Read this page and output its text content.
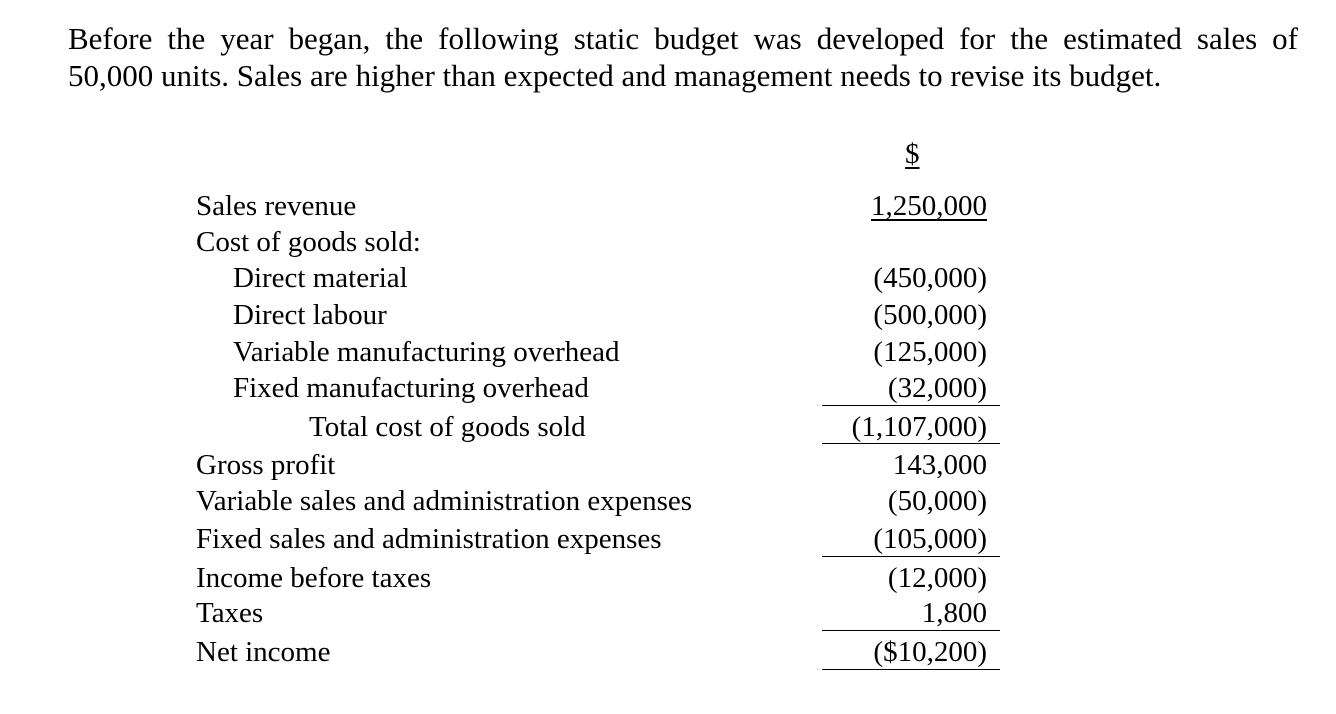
Before the year began, the following static budget was developed for the estimated sales of
50,000 units. Sales are higher than expected and management needs to revise its budget.

$
Sales revenue	1,250,000
Cost of goods sold:
Direct material	(450,000)
Direct labour	(500,000)
Variable manufacturing overhead	(125,000)
Fixed manufacturing overhead	(32,000)
Total cost of goods sold	(1,107,000)
Gross profit	143,000
Variable sales and administration expenses	(50,000)
Fixed sales and administration expenses	(105,000)
Income before taxes	(12,000)
Taxes	1,800
Net income	($10,200)
